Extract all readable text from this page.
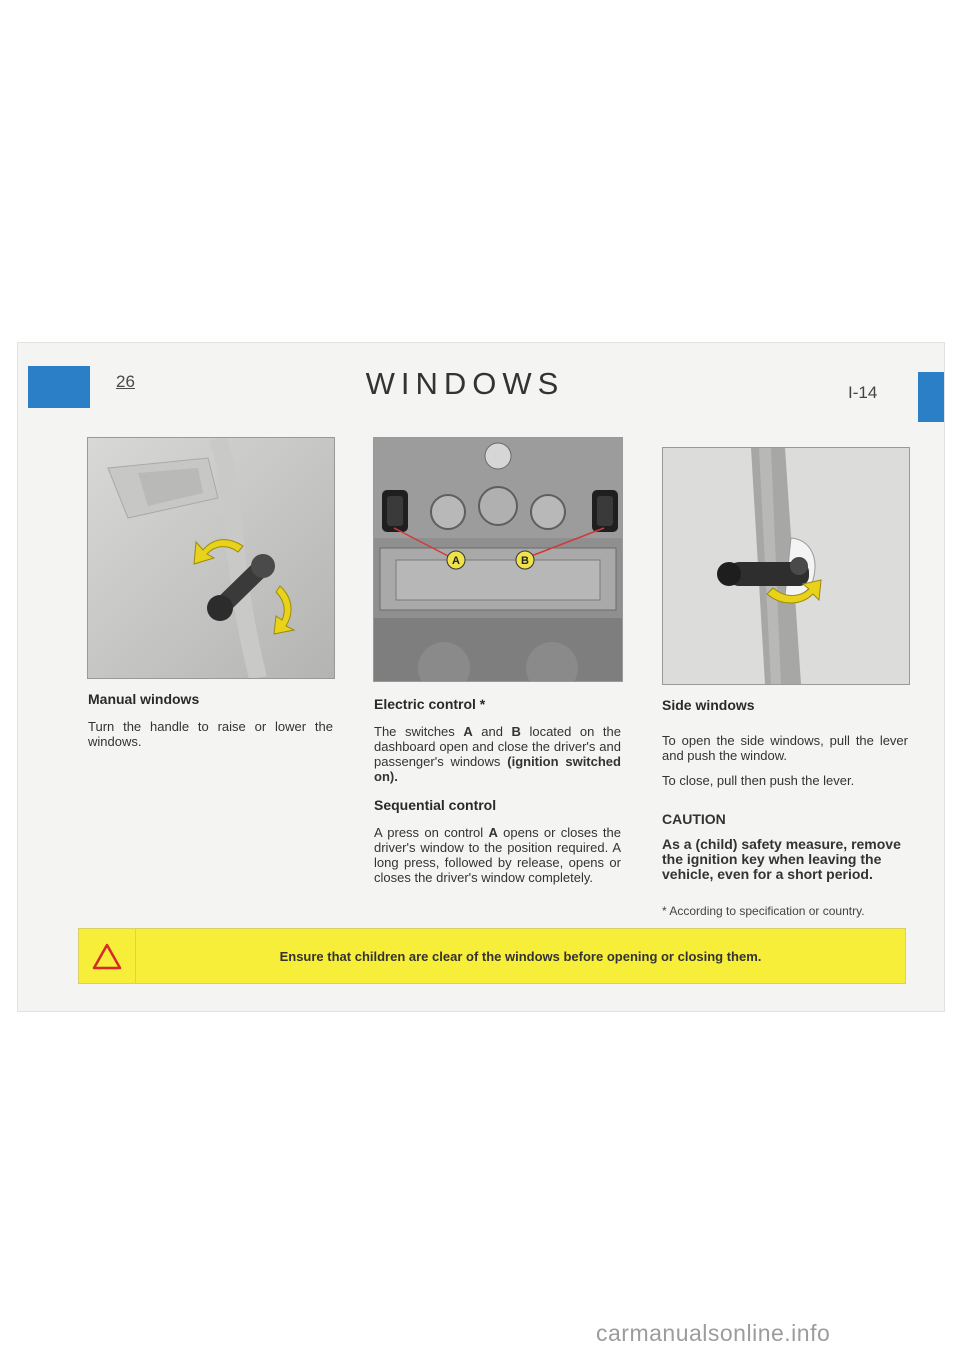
26	WINDOWS	I-14
A	B
Manual windows

Turn the handle to raise or lower the windows.

Electric control *

The switches A and B located on the dashboard open and close the driver's and passenger's windows (ignition switched on).

Sequential control

A press on control A opens or closes the driver's window to the position required. A long press, followed by release, opens or closes the driver's window completely.

Side windows

To open the side windows, pull the lever and push the window.

To close, pull then push the lever.

CAUTION
As a (child) safety measure, remove the ignition key when leaving the vehicle, even for a short period.
* According to specification or country.
Ensure that children are clear of the windows before opening or closing them.
carmanualsonline.info
